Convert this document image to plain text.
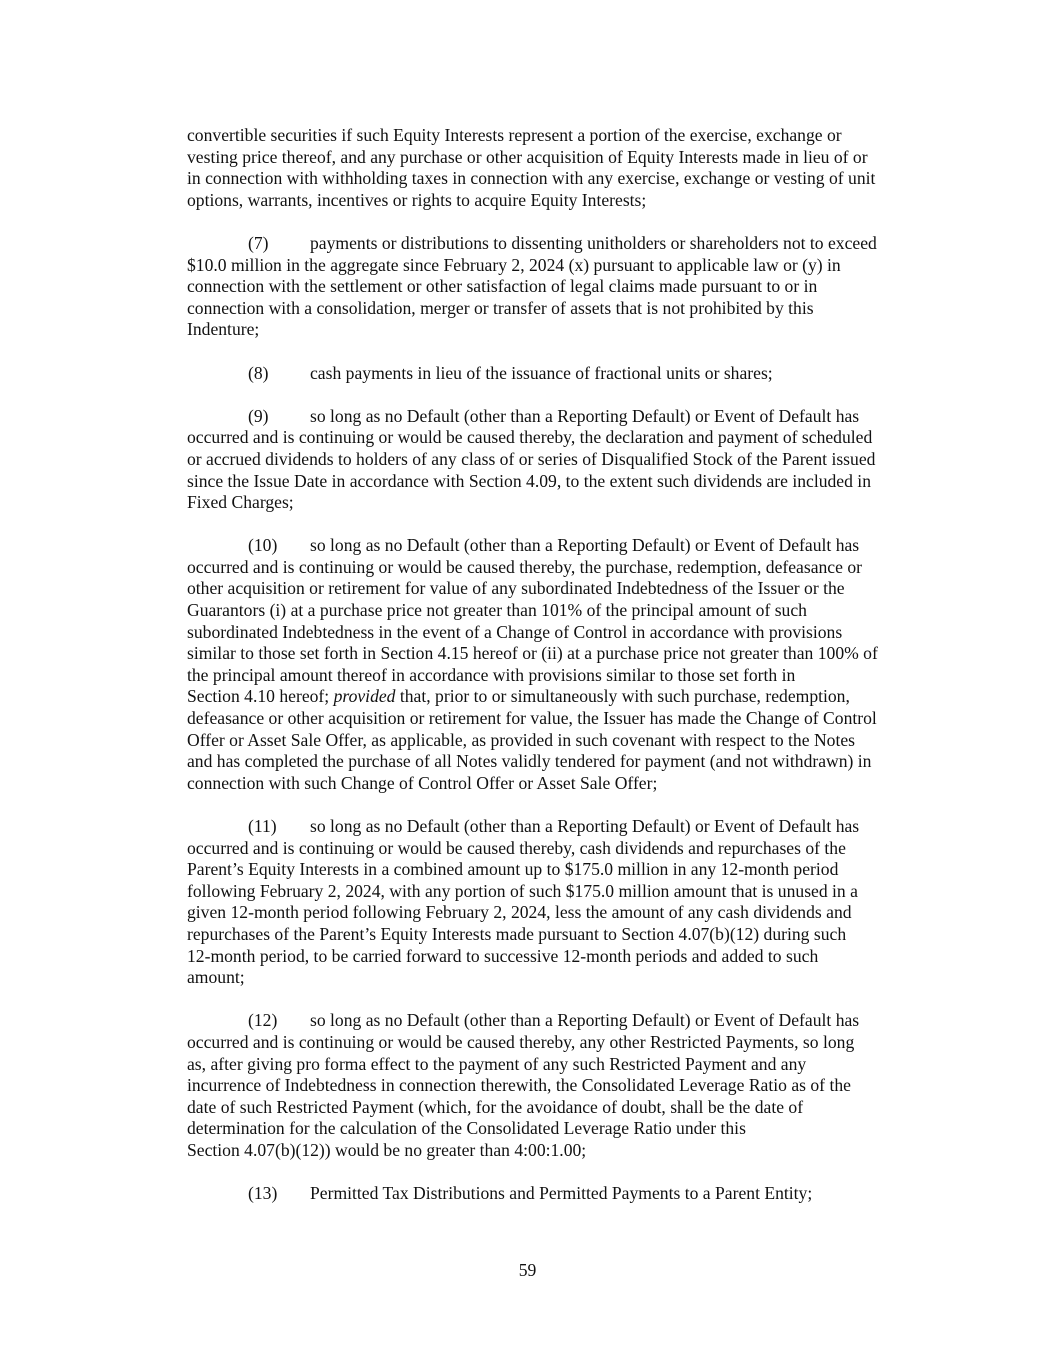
convertible securities if such Equity Interests represent a portion of the exercise, exchange or
vesting price thereof, and any purchase or other acquisition of Equity Interests made in lieu of or
in connection with withholding taxes in connection with any exercise, exchange or vesting of unit
options, warrants, incentives or rights to acquire Equity Interests;
(7) payments or distributions to dissenting unitholders or shareholders not to exceed
$10.0 million in the aggregate since February 2, 2024 (x) pursuant to applicable law or (y) in
connection with the settlement or other satisfaction of legal claims made pursuant to or in
connection with a consolidation, merger or transfer of assets that is not prohibited by this
Indenture;
(8) cash payments in lieu of the issuance of fractional units or shares;
(9) so long as no Default (other than a Reporting Default) or Event of Default has
occurred and is continuing or would be caused thereby, the declaration and payment of scheduled
or accrued dividends to holders of any class of or series of Disqualified Stock of the Parent issued
since the Issue Date in accordance with Section 4.09, to the extent such dividends are included in
Fixed Charges;
(10) so long as no Default (other than a Reporting Default) or Event of Default has
occurred and is continuing or would be caused thereby, the purchase, redemption, defeasance or
other acquisition or retirement for value of any subordinated Indebtedness of the Issuer or the
Guarantors (i) at a purchase price not greater than 101% of the principal amount of such
subordinated Indebtedness in the event of a Change of Control in accordance with provisions
similar to those set forth in Section 4.15 hereof or (ii) at a purchase price not greater than 100% of
the principal amount thereof in accordance with provisions similar to those set forth in
Section 4.10 hereof; provided that, prior to or simultaneously with such purchase, redemption,
defeasance or other acquisition or retirement for value, the Issuer has made the Change of Control
Offer or Asset Sale Offer, as applicable, as provided in such covenant with respect to the Notes
and has completed the purchase of all Notes validly tendered for payment (and not withdrawn) in
connection with such Change of Control Offer or Asset Sale Offer;
(11) so long as no Default (other than a Reporting Default) or Event of Default has
occurred and is continuing or would be caused thereby, cash dividends and repurchases of the
Parent’s Equity Interests in a combined amount up to $175.0 million in any 12-month period
following February 2, 2024, with any portion of such $175.0 million amount that is unused in a
given 12-month period following February 2, 2024, less the amount of any cash dividends and
repurchases of the Parent’s Equity Interests made pursuant to Section 4.07(b)(12) during such
12-month period, to be carried forward to successive 12-month periods and added to such
amount;
(12) so long as no Default (other than a Reporting Default) or Event of Default has
occurred and is continuing or would be caused thereby, any other Restricted Payments, so long
as, after giving pro forma effect to the payment of any such Restricted Payment and any
incurrence of Indebtedness in connection therewith, the Consolidated Leverage Ratio as of the
date of such Restricted Payment (which, for the avoidance of doubt, shall be the date of
determination for the calculation of the Consolidated Leverage Ratio under this
Section 4.07(b)(12)) would be no greater than 4:00:1.00;
(13) Permitted Tax Distributions and Permitted Payments to a Parent Entity;
59
